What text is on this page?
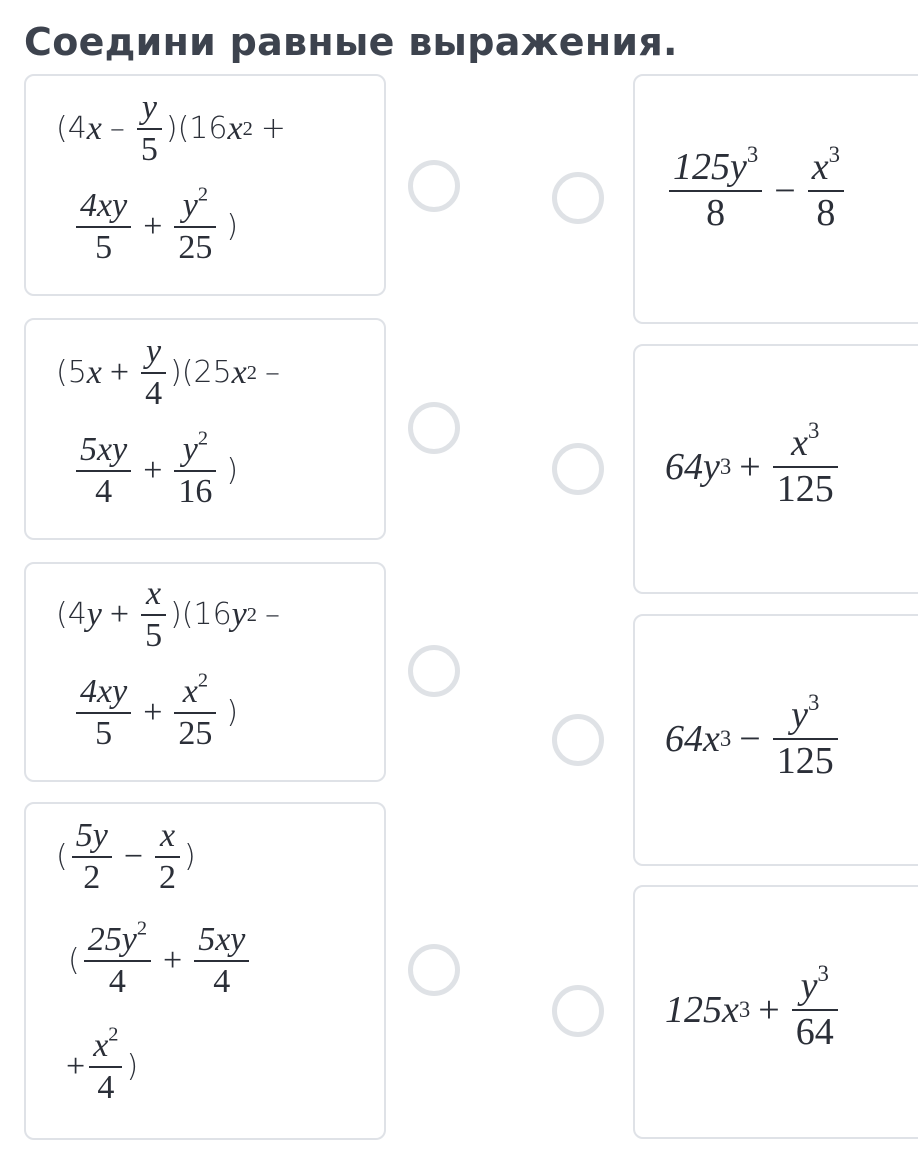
Соедини равные выражения.
(4 x – $\frac{y}{5} )(16$ x 2 +
$\frac{4xy}{5} + \frac{y^2}{25}$ )
(5 $x + \frac{y}{4} )(25$ x 2 –
$\frac{5xy}{4} + \frac{y^2}{16}$ )
(4 $y + \frac{x}{5} )(16$ y 2 –
$\frac{4xy}{5} + \frac{x^2}{25}$ )
( $\frac{5y}{2} - \frac{x}{2}$ )
( $\frac{25y^2}{4} + \frac{5xy}{4}$
+ $\frac{x^2}{4}$ )
$\frac{125y^3}{8} - \frac{x^3}{8}$
64y $3 + \frac{x^3}{125}$
64x $3 - \frac{y^3}{125}$
125x $3 + \frac{y^3}{64}$
